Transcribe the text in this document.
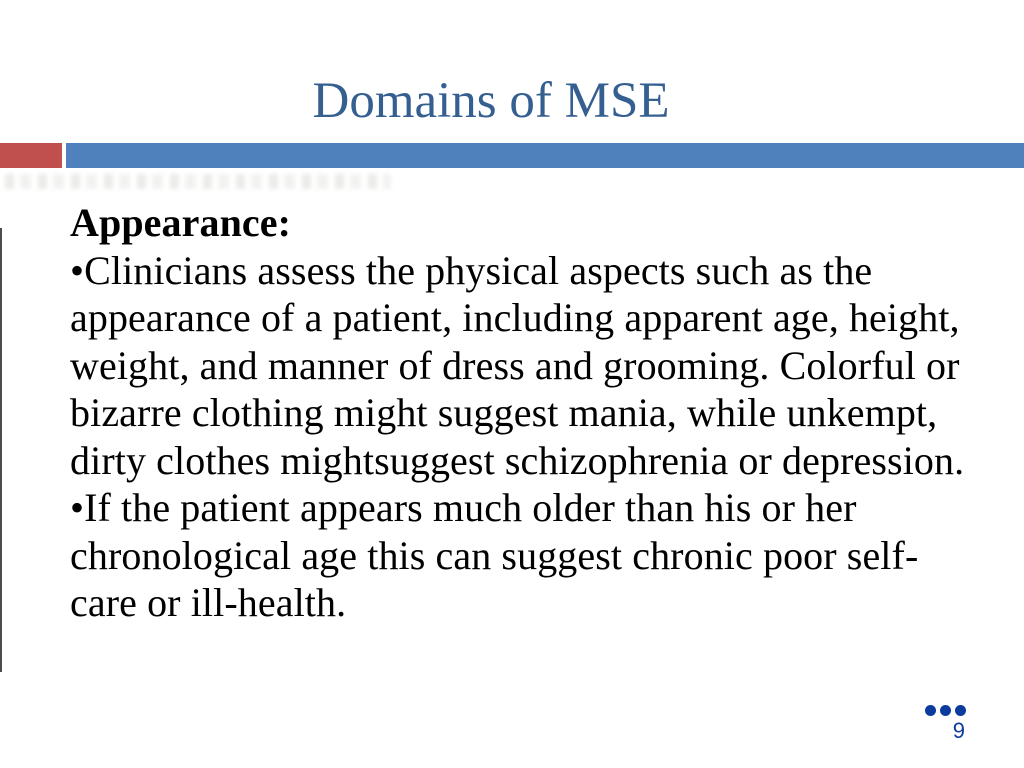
Domains of MSE
Appearance:
•Clinicians assess the physical aspects such as the
appearance of a patient, including apparent age, height,
weight, and manner of dress and grooming. Colorful or
bizarre clothing might suggest mania, while unkempt,
dirty clothes mightsuggest schizophrenia or depression.
•If the patient appears much older than his or her
chronological age this can suggest chronic poor self-
care or ill-health.
9
